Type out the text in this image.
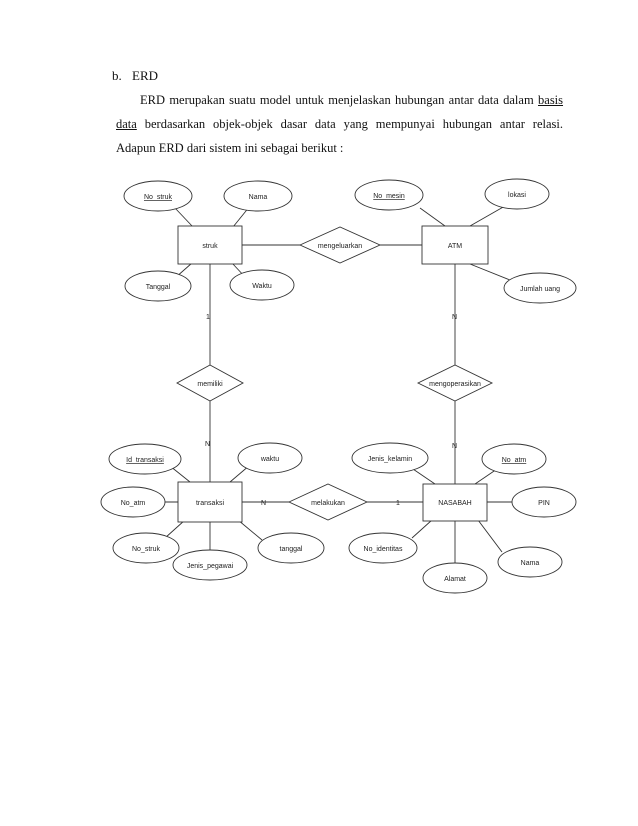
b. ERD
ERD merupakan suatu model untuk menjelaskan hubungan antar data dalam basis
data berdasarkan objek-objek dasar data yang mempunyai hubungan antar relasi.
Adapun ERD dari sistem ini sebagai berikut :
1
N
N
N
N	1
struk	ATM
transaksi	NASABAH
mengeluarkan
memiliki	mengoperasikan
melakukan
No_struk	Nama
Tanggal	Waktu
No_mesin	lokasi
Jumlah uang
Id_transaksi	waktu
No_atm
No_struk
Jenis_pegawai
tanggal
Jenis_kelamin	No_atm
PIN
No_identitas
Nama
Alamat
